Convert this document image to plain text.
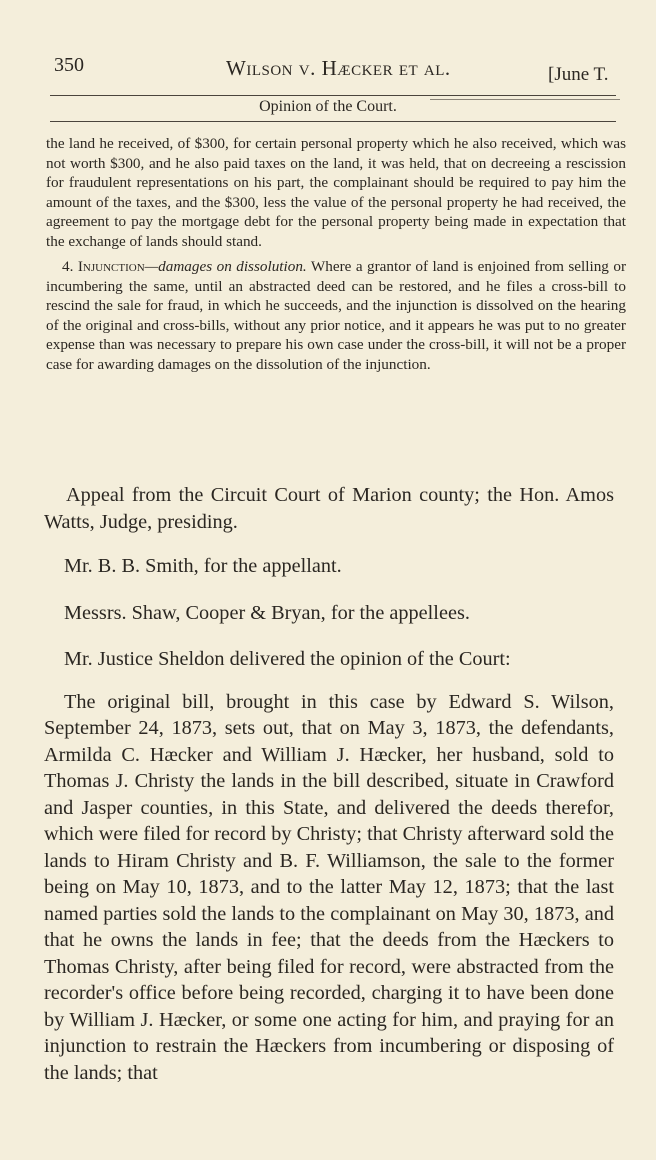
350	Wilson v. Hæcker et al.	[June T.
Opinion of the Court.

the land he received, of $300, for certain personal property which he also received, which was not worth $300, and he also paid taxes on the land, it was held, that on decreeing a rescission for fraudulent representations on his part, the complainant should be required to pay him the amount of the taxes, and the $300, less the value of the personal property he had received, the agreement to pay the mortgage debt for the personal property being made in expectation that the exchange of lands should stand.

4. Injunction—damages on dissolution. Where a grantor of land is enjoined from selling or incumbering the same, until an abstracted deed can be restored, and he files a cross-bill to rescind the sale for fraud, in which he succeeds, and the injunction is dissolved on the hearing of the original and cross-bills, without any prior notice, and it appears he was put to no greater expense than was necessary to prepare his own case under the cross-bill, it will not be a proper case for awarding damages on the dissolution of the injunction.

Appeal from the Circuit Court of Marion county; the Hon. Amos Watts, Judge, presiding.

Mr. B. B. Smith, for the appellant.

Messrs. Shaw, Cooper & Bryan, for the appellees.

Mr. Justice Sheldon delivered the opinion of the Court:

The original bill, brought in this case by Edward S. Wilson, September 24, 1873, sets out, that on May 3, 1873, the defendants, Armilda C. Hæcker and William J. Hæcker, her husband, sold to Thomas J. Christy the lands in the bill described, situate in Crawford and Jasper counties, in this State, and delivered the deeds therefor, which were filed for record by Christy; that Christy afterward sold the lands to Hiram Christy and B. F. Williamson, the sale to the former being on May 10, 1873, and to the latter May 12, 1873; that the last named parties sold the lands to the complainant on May 30, 1873, and that he owns the lands in fee; that the deeds from the Hæckers to Thomas Christy, after being filed for record, were abstracted from the recorder's office before being recorded, charging it to have been done by William J. Hæcker, or some one acting for him, and praying for an injunction to restrain the Hæckers from incumbering or disposing of the lands; that
